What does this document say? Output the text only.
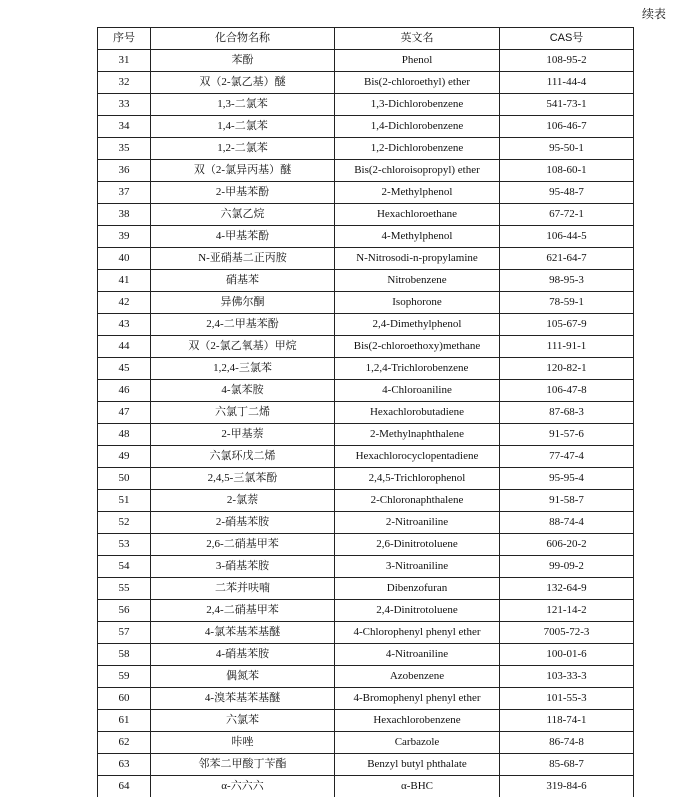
续表
序号	化合物名称	英文名	CAS号
31	苯酚	Phenol	108-95-2
32	双（2-氯乙基）醚	Bis(2-chloroethyl) ether	111-44-4
33	1,3-二氯苯	1,3-Dichlorobenzene	541-73-1
34	1,4-二氯苯	1,4-Dichlorobenzene	106-46-7
35	1,2-二氯苯	1,2-Dichlorobenzene	95-50-1
36	双（2-氯异丙基）醚	Bis(2-chloroisopropyl) ether	108-60-1
37	2-甲基苯酚	2-Methylphenol	95-48-7
38	六氯乙烷	Hexachloroethane	67-72-1
39	4-甲基苯酚	4-Methylphenol	106-44-5
40	N-亚硝基二正丙胺	N-Nitrosodi-n-propylamine	621-64-7
41	硝基苯	Nitrobenzene	98-95-3
42	异佛尔酮	Isophorone	78-59-1
43	2,4-二甲基苯酚	2,4-Dimethylphenol	105-67-9
44	双（2-氯乙氧基）甲烷	Bis(2-chloroethoxy)methane	111-91-1
45	1,2,4-三氯苯	1,2,4-Trichlorobenzene	120-82-1
46	4-氯苯胺	4-Chloroaniline	106-47-8
47	六氯丁二烯	Hexachlorobutadiene	87-68-3
48	2-甲基萘	2-Methylnaphthalene	91-57-6
49	六氯环戊二烯	Hexachlorocyclopentadiene	77-47-4
50	2,4,5-三氯苯酚	2,4,5-Trichlorophenol	95-95-4
51	2-氯萘	2-Chloronaphthalene	91-58-7
52	2-硝基苯胺	2-Nitroaniline	88-74-4
53	2,6-二硝基甲苯	2,6-Dinitrotoluene	606-20-2
54	3-硝基苯胺	3-Nitroaniline	99-09-2
55	二苯并呋喃	Dibenzofuran	132-64-9
56	2,4-二硝基甲苯	2,4-Dinitrotoluene	121-14-2
57	4-氯苯基苯基醚	4-Chlorophenyl phenyl ether	7005-72-3
58	4-硝基苯胺	4-Nitroaniline	100-01-6
59	偶氮苯	Azobenzene	103-33-3
60	4-溴苯基苯基醚	4-Bromophenyl phenyl ether	101-55-3
61	六氯苯	Hexachlorobenzene	118-74-1
62	咔唑	Carbazole	86-74-8
63	邻苯二甲酸丁苄酯	Benzyl butyl phthalate	85-68-7
64	α-六六六	α-BHC	319-84-6
